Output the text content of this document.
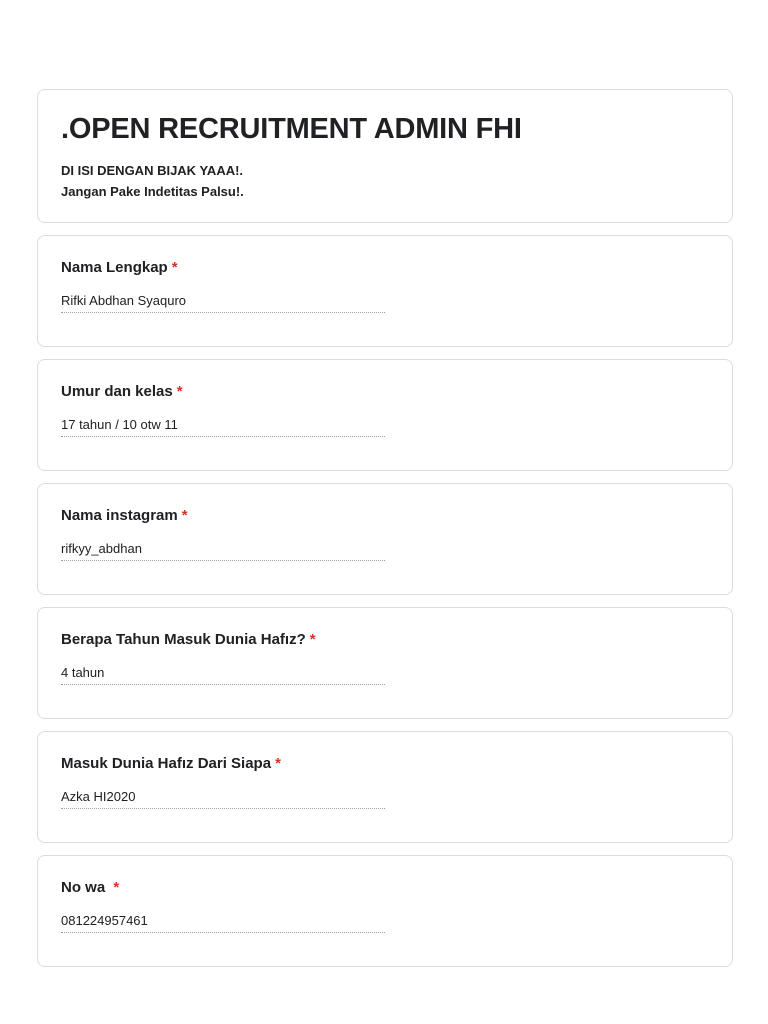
.OPEN RECRUITMENT ADMIN FHI
DI ISI DENGAN BIJAK YAAA!.
Jangan Pake Indetitas Palsu!.
Nama Lengkap *
Rifki Abdhan Syaquro
Umur dan kelas *
17 tahun / 10 otw 11
Nama instagram *
rifkyy_abdhan
Berapa Tahun Masuk Dunia Hafız? *
4 tahun
Masuk Dunia Hafız Dari Siapa *
Azka HI2020
No wa *
081224957461
